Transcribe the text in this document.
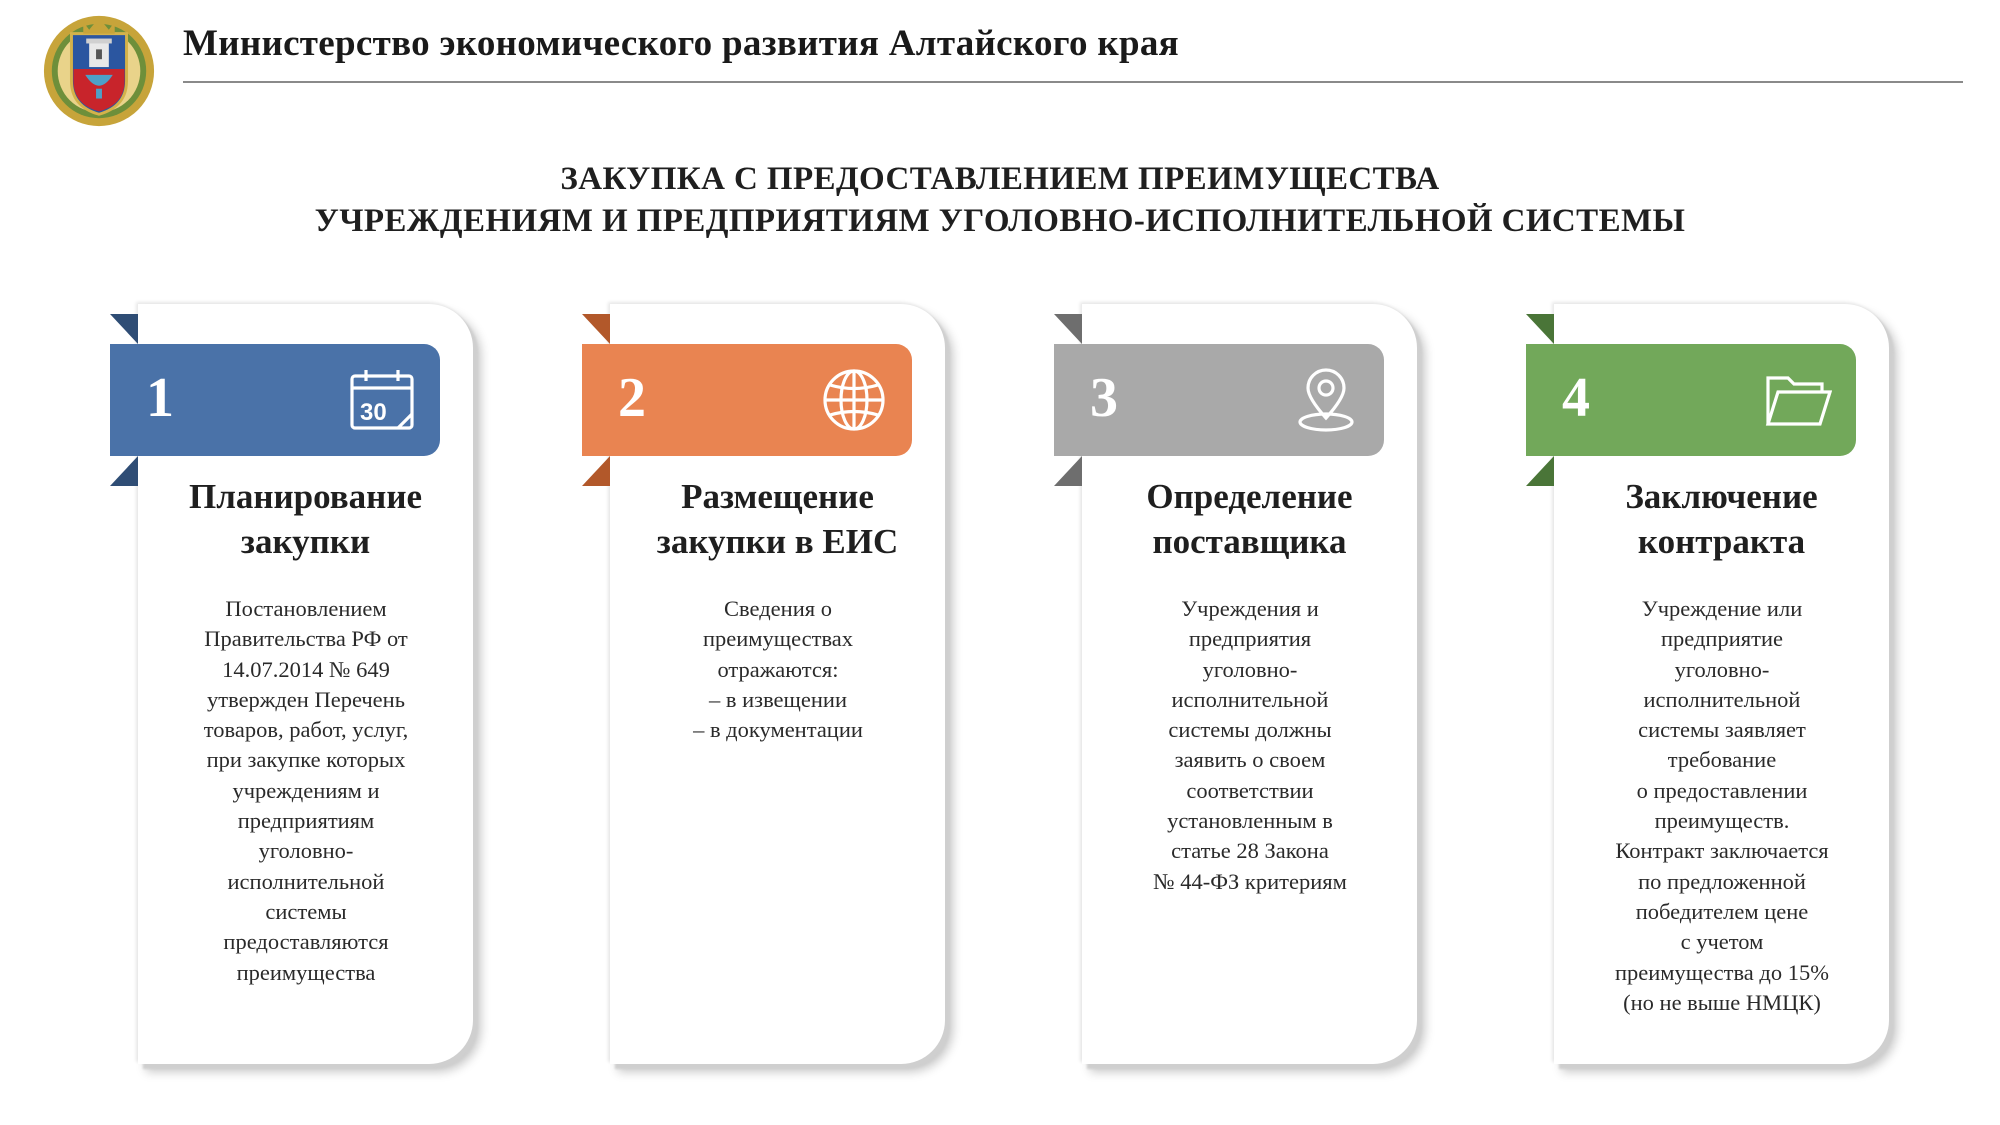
Министерство экономического развития Алтайского края
ЗАКУПКА С ПРЕДОСТАВЛЕНИЕМ ПРЕИМУЩЕСТВА
УЧРЕЖДЕНИЯМ И ПРЕДПРИЯТИЯМ УГОЛОВНО-ИСПОЛНИТЕЛЬНОЙ СИСТЕМЫ
1	30
Планирование
закупки
Постановлением
Правительства РФ от
14.07.2014 № 649
утвержден Перечень
товаров, работ, услуг,
при закупке которых
учреждениям и
предприятиям
уголовно-
исполнительной
системы
предоставляются
преимущества
2
Размещение
закупки в ЕИС
Сведения о
преимуществах
отражаются:
– в извещении
– в документации
3
Определение
поставщика
Учреждения и
предприятия
уголовно-
исполнительной
системы должны
заявить о своем
соответствии
установленным в
статье 28 Закона
№ 44-ФЗ критериям
4
Заключение
контракта
Учреждение или
предприятие
уголовно-
исполнительной
системы заявляет
требование
о предоставлении
преимуществ.
Контракт заключается
по предложенной
победителем цене
с учетом
преимущества до 15%
(но не выше НМЦК)
